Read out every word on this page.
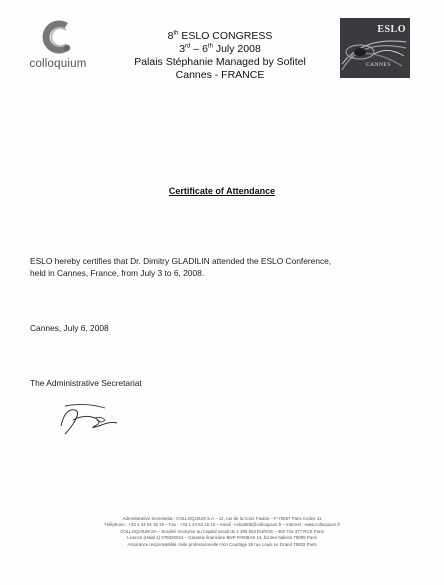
colloquium
8th ESLO CONGRESS
3rd – 6th July 2008
Palais Stéphanie Managed by Sofitel
Cannes - FRANCE
ESLO
CANNES
Certificate of Attendance
ESLO hereby certifies that Dr. Dimitry GLADILIN attended the ESLO Conference,
held in Cannes, France, from July 3 to 6, 2008.
Cannes, July 6, 2008
The Administrative Secretariat
Administrative Secretariat : COLLOQUIUM S.A – 12, rue de la Croix Faubin – F-75557 Paris Cedex 11
Téléphone : +33 1 44 64 15 15 – Fax : +33 1 44 64 15 16 – email : eslo2008@colloquium.fr – internet : www.colloquium.fr
COLLOQUIUM SA – Société Anonyme au Capital social de 1 380 503 EUROS – 403 716 377 RCS Paris
Licence (Halal 1) 075020041 – Garantie financière BNP PARIBAS 16, bd des Italiens 75009 Paris
Assurance responsabilité civile professionnelle AXA Courtage 26 rue Louis Le Grand 75002 Paris
